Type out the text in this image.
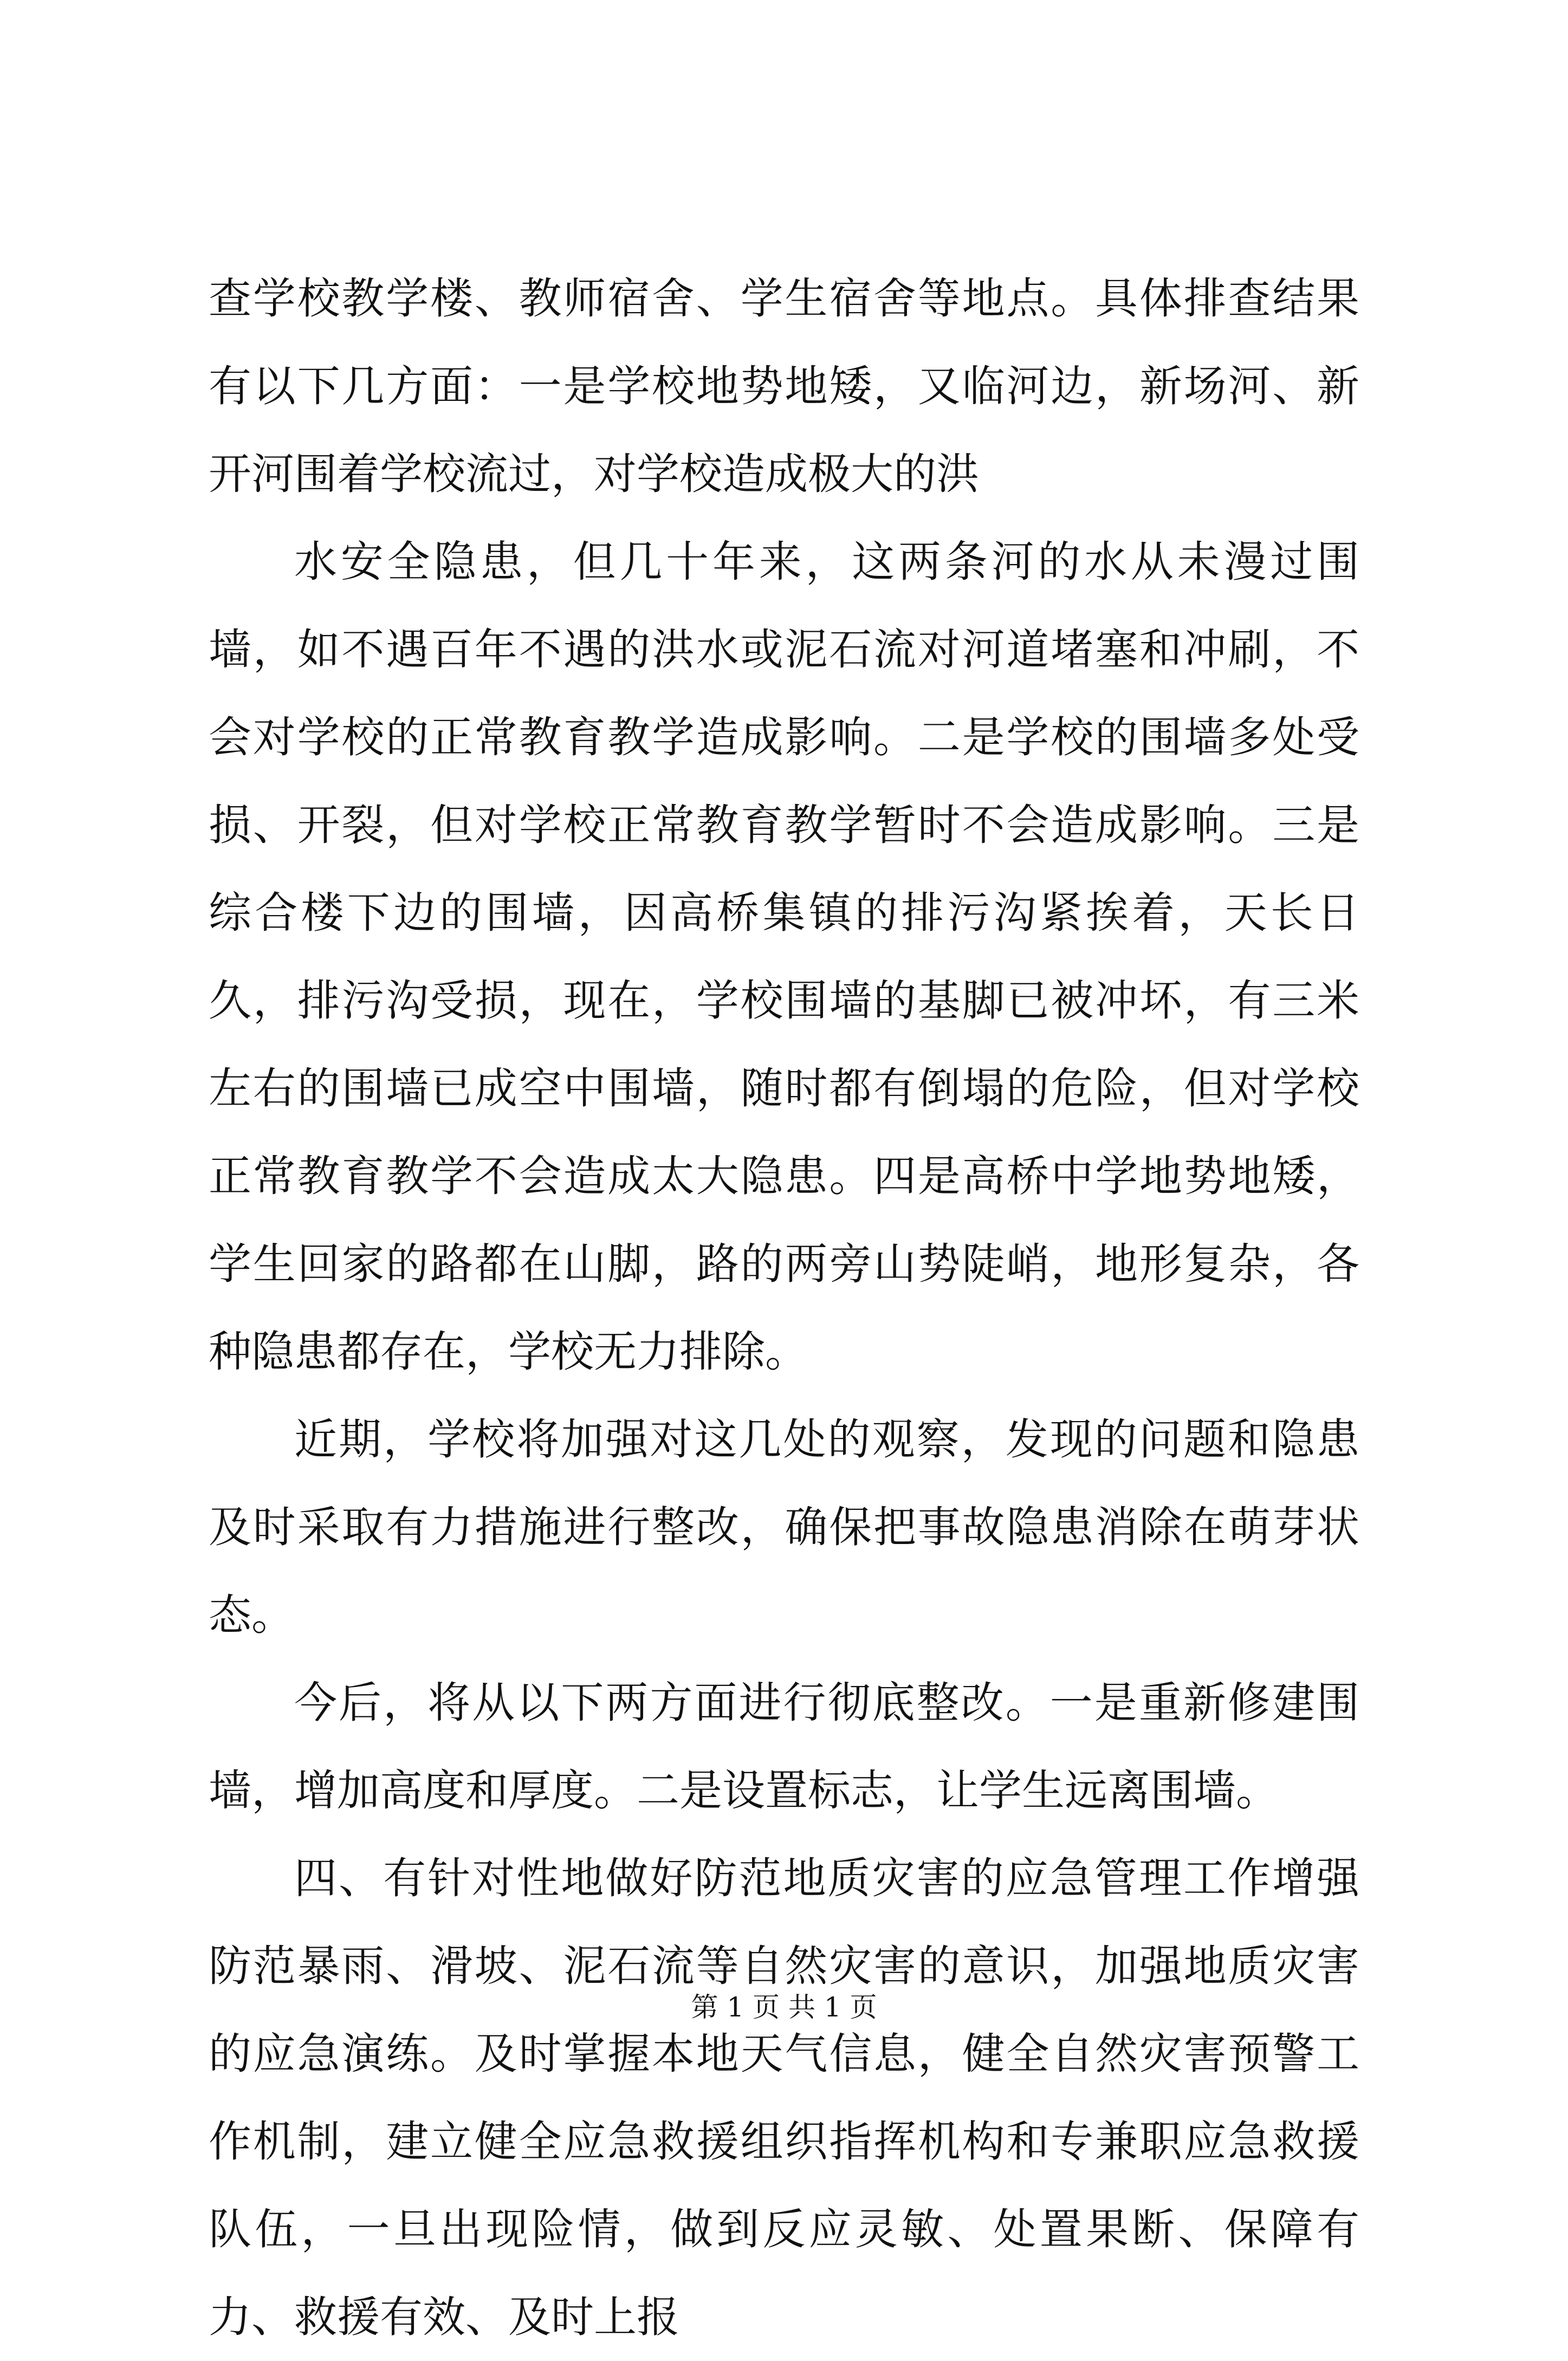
查学校教学楼、教师宿舍、学生宿舍等地点。具体排查结果有以下几方面：一是学校地势地矮，又临河边，新场河、新开河围着学校流过，对学校造成极大的洪

水安全隐患，但几十年来，这两条河的水从未漫过围墙，如不遇百年不遇的洪水或泥石流对河道堵塞和冲刷，不会对学校的正常教育教学造成影响。二是学校的围墙多处受损、开裂，但对学校正常教育教学暂时不会造成影响。三是综合楼下边的围墙，因高桥集镇的排污沟紧挨着，天长日久，排污沟受损，现在，学校围墙的基脚已被冲坏，有三米左右的围墙已成空中围墙，随时都有倒塌的危险，但对学校正常教育教学不会造成太大隐患。四是高桥中学地势地矮，学生回家的路都在山脚，路的两旁山势陡峭，地形复杂，各种隐患都存在，学校无力排除。

近期，学校将加强对这几处的观察，发现的问题和隐患及时采取有力措施进行整改，确保把事故隐患消除在萌芽状态。

今后，将从以下两方面进行彻底整改。一是重新修建围墙，增加高度和厚度。二是设置标志，让学生远离围墙。

四、有针对性地做好防范地质灾害的应急管理工作增强防范暴雨、滑坡、泥石流等自然灾害的意识，加强地质灾害的应急演练。及时掌握本地天气信息，健全自然灾害预警工作机制，建立健全应急救援组织指挥机构和专兼职应急救援队伍，一旦出现险情，做到反应灵敏、处置果断、保障有力、救援有效、及时上报

第 1 页 共 1 页
